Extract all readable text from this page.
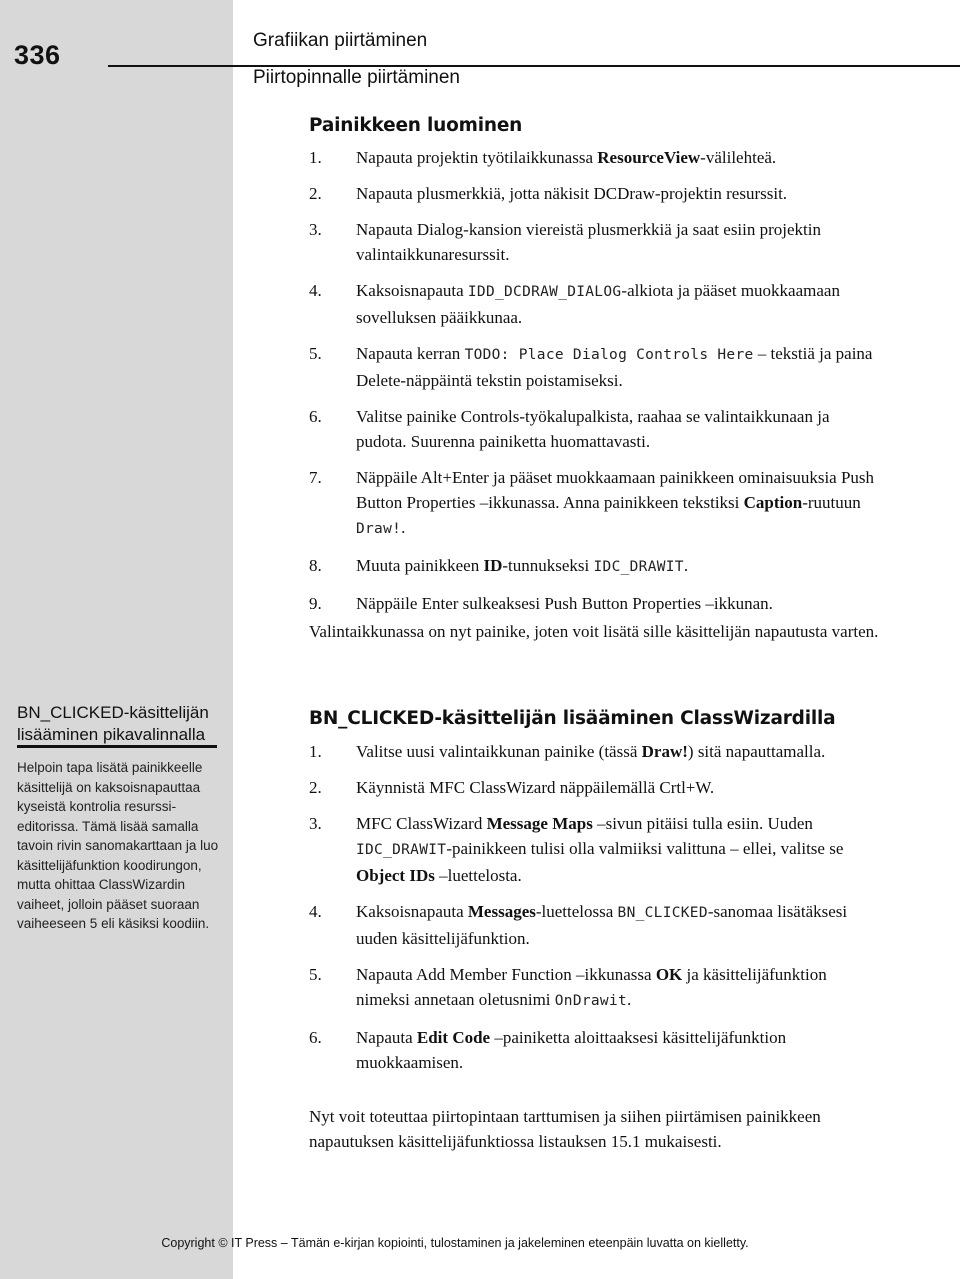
336	Grafiikan piirtäminen
Piirtopinnalle piirtäminen
Painikkeen luominen
1. Napauta projektin työtilaikkunassa ResourceView-välilehteä.
2. Napauta plusmerkkiä, jotta näkisit DCDraw-projektin resurssit.
3. Napauta Dialog-kansion viereistä plusmerkkiä ja saat esiin projektin valintaikkunaresurssit.
4. Kaksoisnapauta IDD_DCDRAW_DIALOG-alkiota ja pääset muokkaamaan sovelluksen pääikkunaa.
5. Napauta kerran TODO: Place Dialog Controls Here – tekstiä ja paina Delete-näppäintä tekstin poistamiseksi.
6. Valitse painike Controls-työkalupalkista, raahaa se valintaikkunaan ja pudota. Suurenna painiketta huomattavasti.
7. Näppäile Alt+Enter ja pääset muokkaamaan painikkeen ominaisuuksia Push Button Properties –ikkunassa. Anna painikkeen tekstiksi Caption-ruutuun Draw!.
8. Muuta painikkeen ID-tunnukseksi IDC_DRAWIT.
9. Näppäile Enter sulkeaksesi Push Button Properties –ikkunan.
Valintaikkunassa on nyt painike, joten voit lisätä sille käsittelijän napautusta varten.
BN_CLICKED-käsittelijän lisääminen pikavalinnalla
Helpoin tapa lisätä painikkeelle käsittelijä on kaksoisnapauttaa kyseistä kontrolia resurssieditorissa. Tämä lisää samalla tavoin rivin sanomakarttaan ja luo käsittelijäfunktion koodirungon, mutta ohittaa ClassWizardin vaiheet, jolloin pääset suoraan vaiheeseen 5 eli käsiksi koodiin.
BN_CLICKED-käsittelijän lisääminen ClassWizardilla
1. Valitse uusi valintaikkunan painike (tässä Draw!) sitä napauttamalla.
2. Käynnistä MFC ClassWizard näppäilemällä Crtl+W.
3. MFC ClassWizard Message Maps –sivun pitäisi tulla esiin. Uuden IDC_DRAWIT-painikkeen tulisi olla valmiiksi valittuna – ellei, valitse se Object IDs –luettelosta.
4. Kaksoisnapauta Messages-luettelossa BN_CLICKED-sanomaa lisätäksesi uuden käsittelijäfunktion.
5. Napauta Add Member Function –ikkunassa OK ja käsittelijäfunktion nimeksi annetaan oletusnimi OnDrawit.
6. Napauta Edit Code –painiketta aloittaaksesi käsittelijäfunktion muokkaamisen.
Nyt voit toteuttaa piirtopintaan tarttumisen ja siihen piirtämisen painikkeen napautuksen käsittelijäfunktiossa listauksen 15.1 mukaisesti.
Copyright © IT Press – Tämän e-kirjan kopiointi, tulostaminen ja jakeleminen eteenpäin luvatta on kielletty.
